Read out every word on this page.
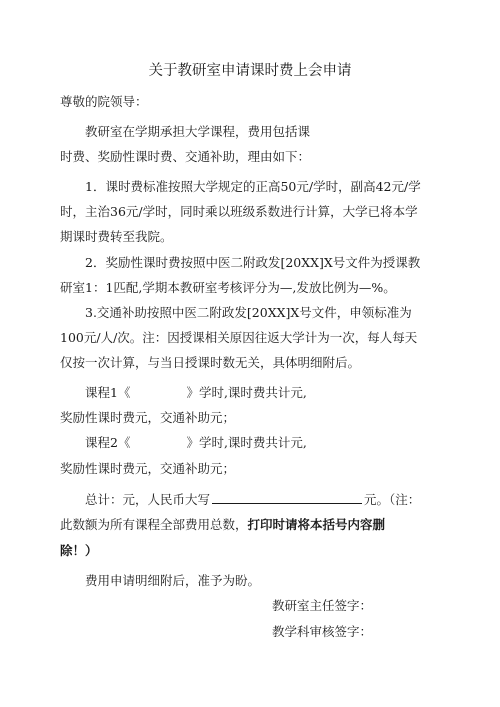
关于教研室申请课时费上会申请
尊敬的院领导：
教研室在学期承担大学课程，费用包括课
时费、奖励性课时费、交通补助，理由如下：
1．课时费标准按照大学规定的正高50元/学时，副高42元/学
时，主治36元/学时，同时乘以班级系数进行计算，大学已将本学
期课时费转至我院。
2．奖励性课时费按照中医二附政发[20XX]X号文件为授课教
研室1：1匹配,学期本教研室考核评分为—,发放比例为—%。
3.交通补助按照中医二附政发[20XX]X号文件，申领标准为
100元/人/次。注：因授课相关原因往返大学计为一次，每人每天
仅按一次计算，与当日授课时数无关，具体明细附后。
课程1《	》学时,课时费共计元,
奖励性课时费元，交通补助元；
课程2《	》学时,课时费共计元,
奖励性课时费元，交通补助元；
总计：元，人民币大写	元。（注：
此数额为所有课程全部费用总数，打印时请将本括号内容删
除！）
费用申请明细附后，准予为盼。
教研室主任签字：
教学科审核签字：
